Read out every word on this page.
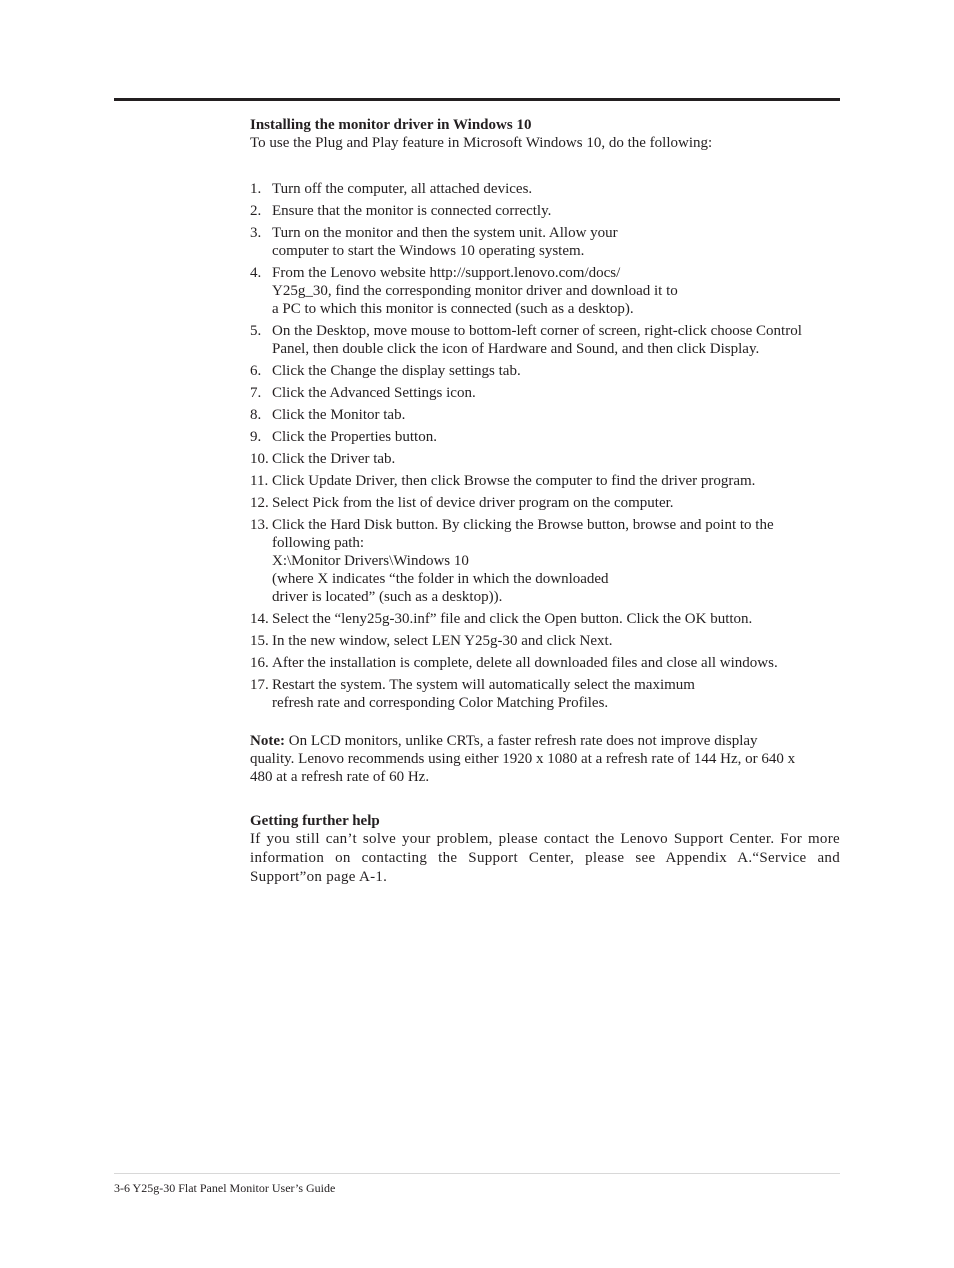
Installing the monitor driver in Windows 10

To use the Plug and Play feature in Microsoft Windows 10, do the following:

1. Turn off the computer, all attached devices.
2. Ensure that the monitor is connected correctly.
3. Turn on the monitor and then the system unit. Allow your
computer to start the Windows 10 operating system.
4. From the Lenovo website http://support.lenovo.com/docs/
Y25g_30, find the corresponding monitor driver and download it to
a PC to which this monitor is connected (such as a desktop).
5. On the Desktop, move mouse to bottom-left corner of screen, right-click choose Control
Panel, then double click the icon of Hardware and Sound, and then click Display.
6. Click the Change the display settings tab.
7. Click the Advanced Settings icon.
8. Click the Monitor tab.
9. Click the Properties button.
10. Click the Driver tab.
11. Click Update Driver, then click Browse the computer to find the driver program.
12. Select Pick from the list of device driver program on the computer.
13. Click the Hard Disk button. By clicking the Browse button, browse and point to the
following path:
X:\Monitor Drivers\Windows 10
(where X indicates “the folder in which the downloaded
driver is located” (such as a desktop)).
14. Select the “leny25g-30.inf” file and click the Open button. Click the OK button.
15. In the new window, select LEN Y25g-30 and click Next.
16. After the installation is complete, delete all downloaded files and close all windows.
17. Restart the system. The system will automatically select the maximum
refresh rate and corresponding Color Matching Profiles.

Note: On LCD monitors, unlike CRTs, a faster refresh rate does not improve display
quality. Lenovo recommends using either 1920 x 1080 at a refresh rate of 144 Hz, or 640 x
480 at a refresh rate of 60 Hz.

Getting further help

If you still can’t solve your problem, please contact the Lenovo Support Center. For more information on contacting the Support Center, please see Appendix A.“Service and Support”on page A-1.

3-6 Y25g-30 Flat Panel Monitor User’s Guide
